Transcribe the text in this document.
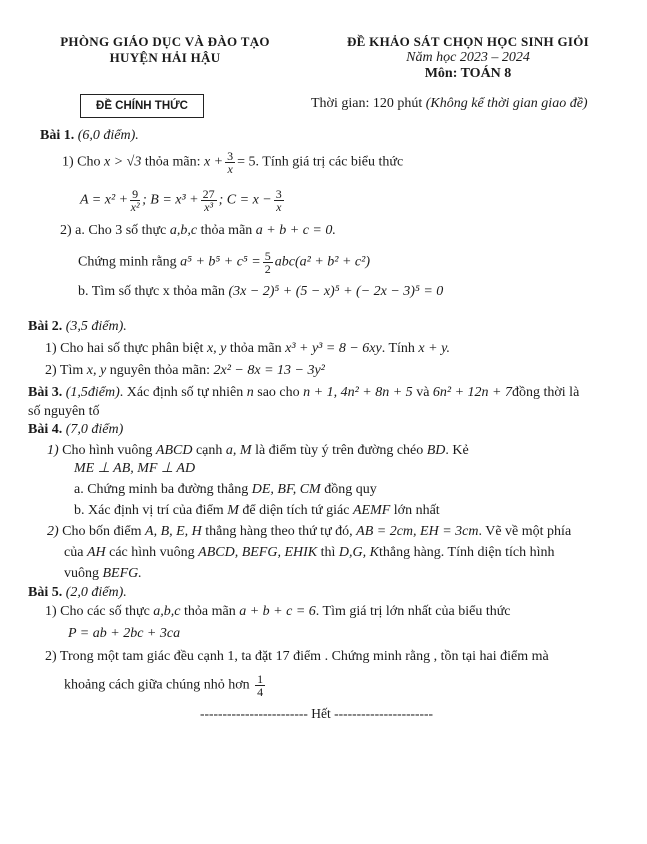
PHÒNG GIÁO DỤC VÀ ĐÀO TẠO
HUYỆN HẢI HẬU
ĐỀ KHẢO SÁT CHỌN HỌC SINH GIỎI
Năm học 2023 – 2024
Môn: TOÁN 8
ĐỀ CHÍNH THỨC	Thời gian: 120 phút (Không kể thời gian giao đề)
Bài 1. (6,0 điểm).
1) Cho x > √3 thỏa mãn: $x + \frac{3}{x} = 5$. Tính giá trị các biểu thức
$A = x^2 + \frac{9}{\text{x²}}$ ; $B = x^3 + \frac{27}{\text{x³}}$ ; $C = x - \frac{3}{x}$
2) a. Cho 3 số thực a,b,c thỏa mãn a + b + c = 0.
Chứng minh rằng $a^5 + b^5 + c^5 = \frac{5}{2} abc(a^2 + b^2 + c^2)$
b. Tìm số thực x thỏa mãn (3x − 2)⁵ + (5 − x)⁵ + (− 2x − 3)⁵ = 0
Bài 2. (3,5 điểm).
1) Cho hai số thực phân biệt x, y thỏa mãn x³ + y³ = 8 − 6xy. Tính x + y.
2) Tìm x, y nguyên thỏa mãn: 2x² − 8x = 13 − 3y²
Bài 3. (1,5điểm). Xác định số tự nhiên n sao cho n + 1, 4n² + 8n + 5 và 6n² + 12n + 7đồng thời là
số nguyên tố
Bài 4. (7,0 điểm)
1) Cho hình vuông ABCD cạnh a, M là điểm tùy ý trên đường chéo BD. Kẻ
ME ⊥ AB, MF ⊥ AD
a. Chứng minh ba đường thẳng DE, BF, CM đồng quy
b. Xác định vị trí của điểm M để diện tích tứ giác AEMF lớn nhất
2) Cho bốn điểm A, B, E, H thẳng hàng theo thứ tự đó, AB = 2cm, EH = 3cm. Vẽ về một phía
của AH các hình vuông ABCD, BEFG, EHIK thì D,G, Kthẳng hàng. Tính diện tích hình
vuông BEFG.
Bài 5. (2,0 điểm).
1) Cho các số thực a,b,c thỏa mãn a + b + c = 6. Tìm giá trị lớn nhất của biểu thức
P = ab + 2bc + 3ca
2) Trong một tam giác đều cạnh 1, ta đặt 17 điểm . Chứng minh rằng , tồn tại hai điểm mà
khoảng cách giữa chúng nhỏ hơn $\frac{1}{4}$
------------------------ Hết ----------------------
